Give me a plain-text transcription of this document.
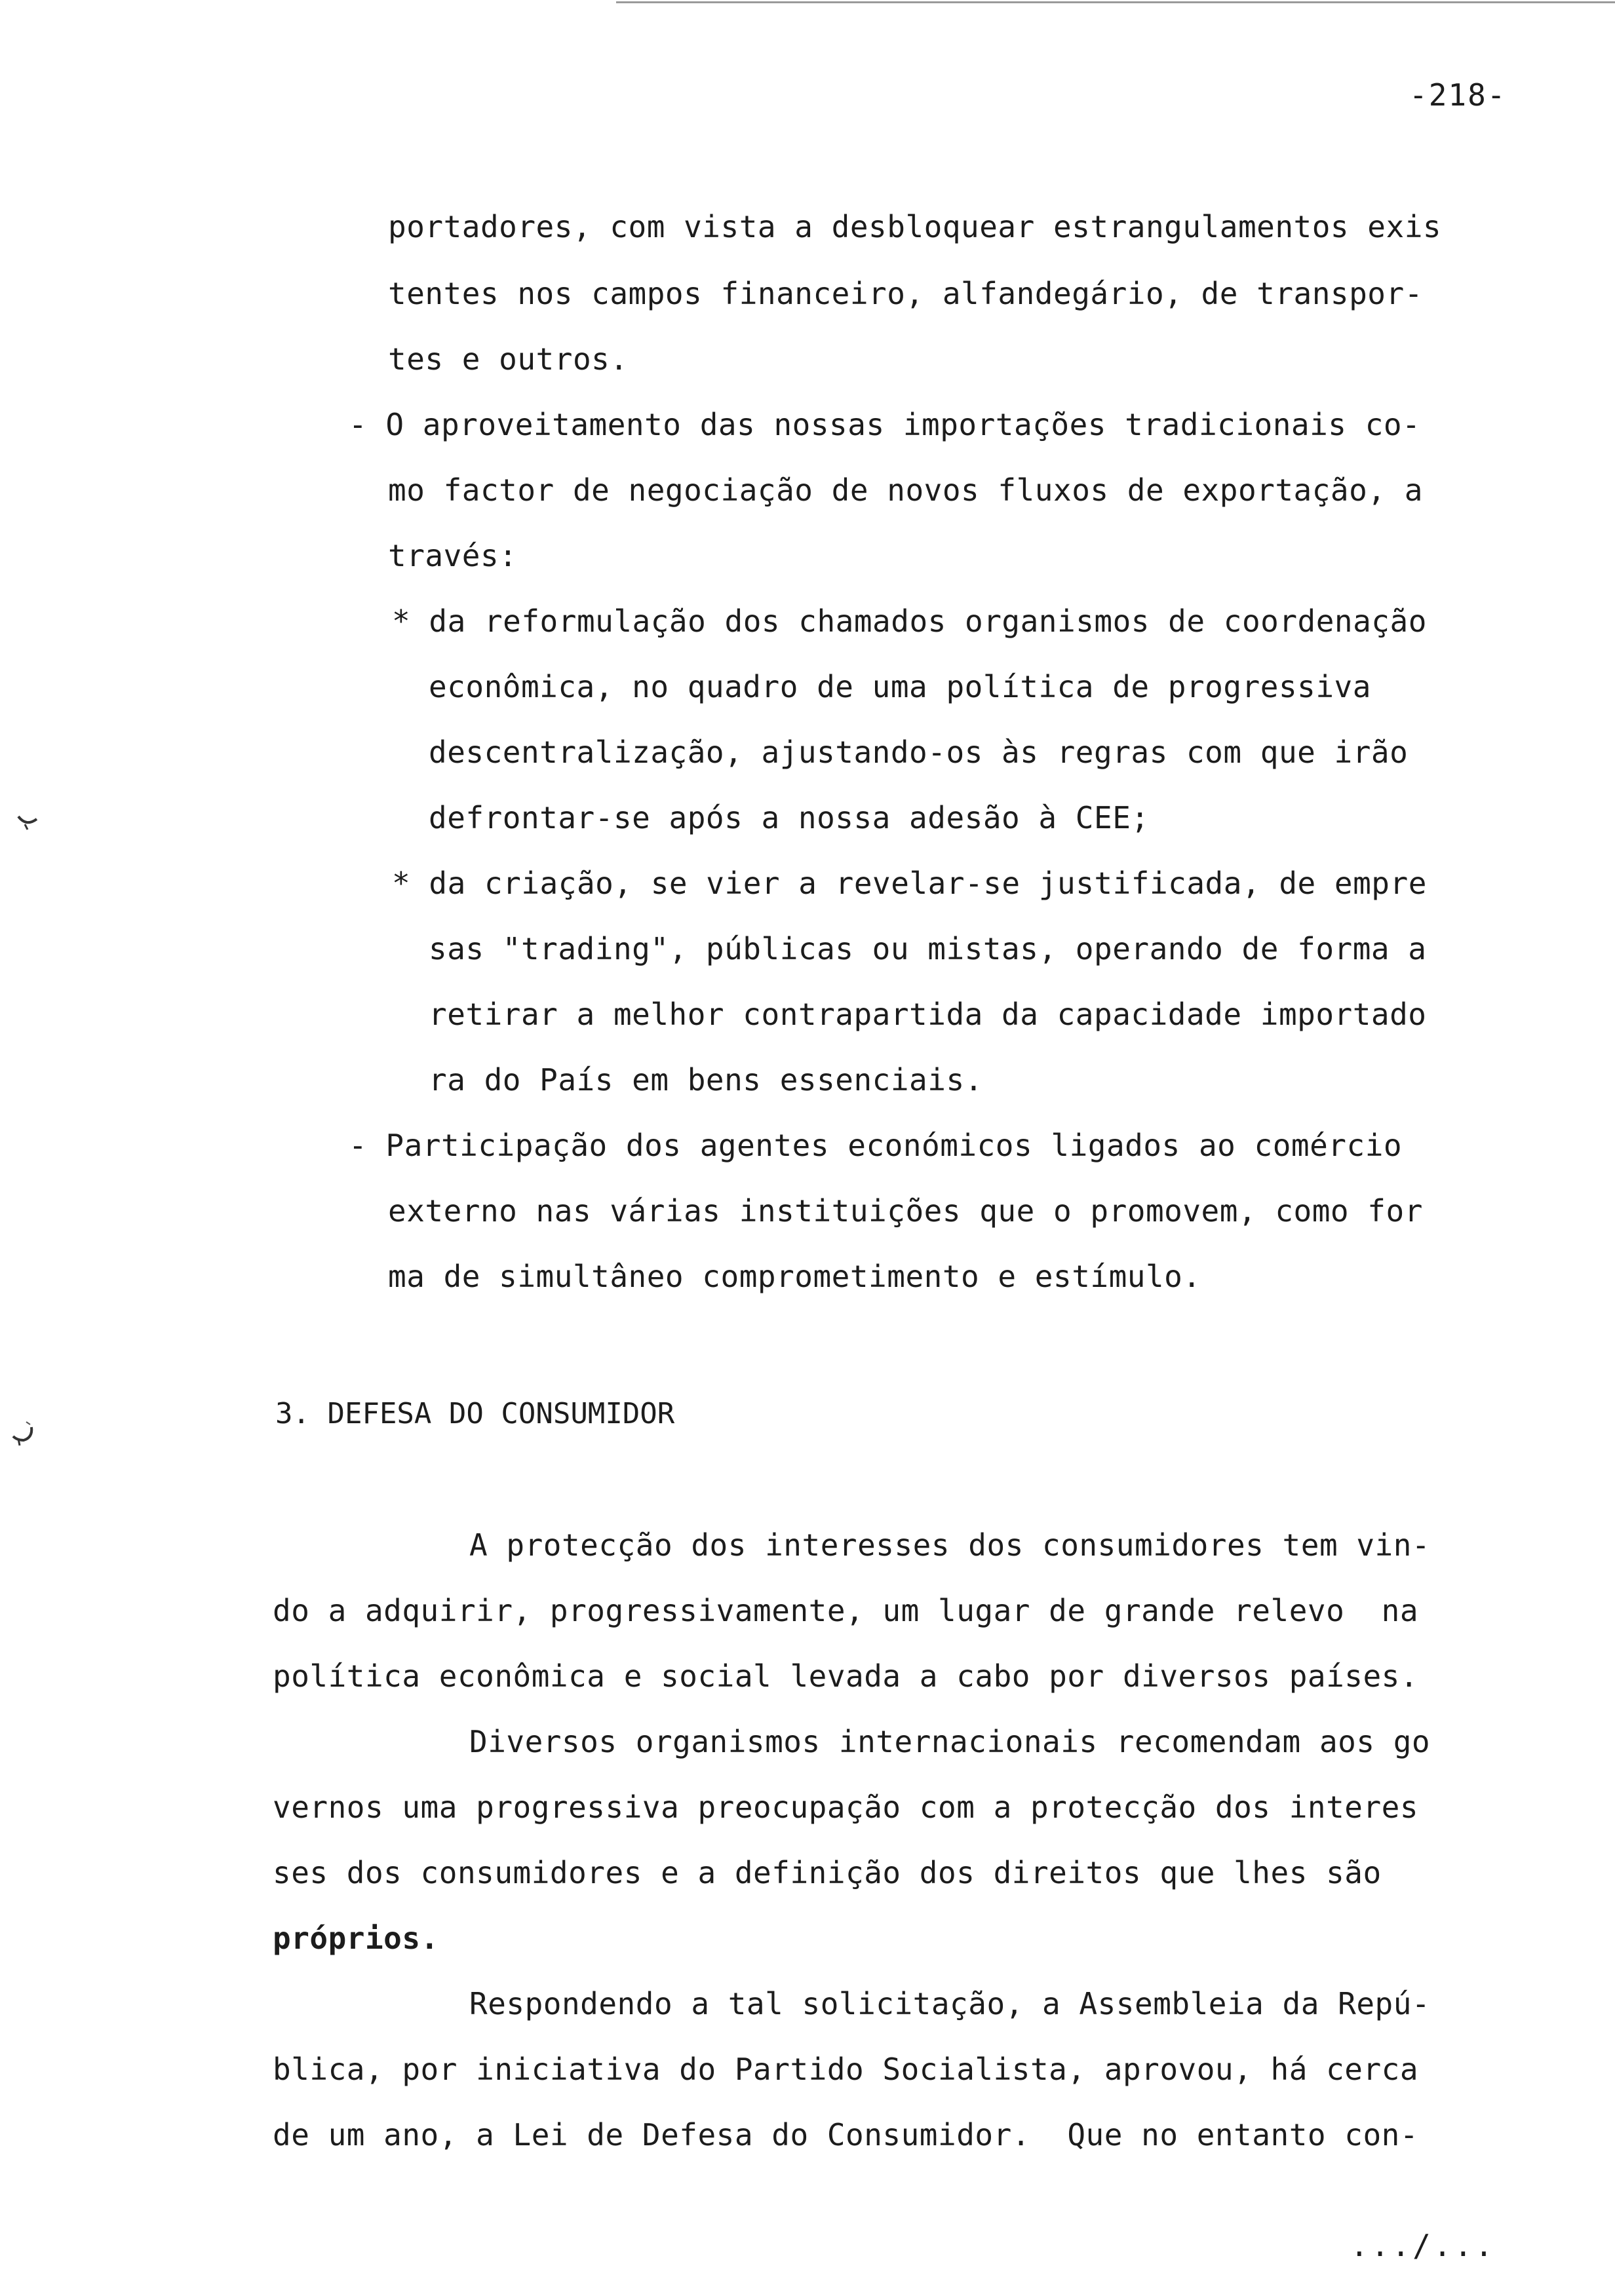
-218-
portadores, com vista a desbloquear estrangulamentos exis
tentes nos campos financeiro, alfandegário, de transpor-
tes e outros.
- O aproveitamento das nossas importações tradicionais co-
mo factor de negociação de novos fluxos de exportação, a
través:
* da reformulação dos chamados organismos de coordenação
econômica, no quadro de uma política de progressiva
descentralização, ajustando-os às regras com que irão
defrontar-se após a nossa adesão à CEE;
* da criação, se vier a revelar-se justificada, de empre
sas "trading", públicas ou mistas, operando de forma a
retirar a melhor contrapartida da capacidade importado
ra do País em bens essenciais.
- Participação dos agentes económicos ligados ao comércio
externo nas várias instituições que o promovem, como for
ma de simultâneo comprometimento e estímulo.
3. DEFESA DO CONSUMIDOR
A protecção dos interesses dos consumidores tem vin-
do a adquirir, progressivamente, um lugar de grande relevo  na
política econômica e social levada a cabo por diversos países.
Diversos organismos internacionais recomendam aos go
vernos uma progressiva preocupação com a protecção dos interes
ses dos consumidores e a definição dos direitos que lhes são
próprios.
Respondendo a tal solicitação, a Assembleia da Repú-
blica, por iniciativa do Partido Socialista, aprovou, há cerca
de um ano, a Lei de Defesa do Consumidor.  Que no entanto con-
.../...
